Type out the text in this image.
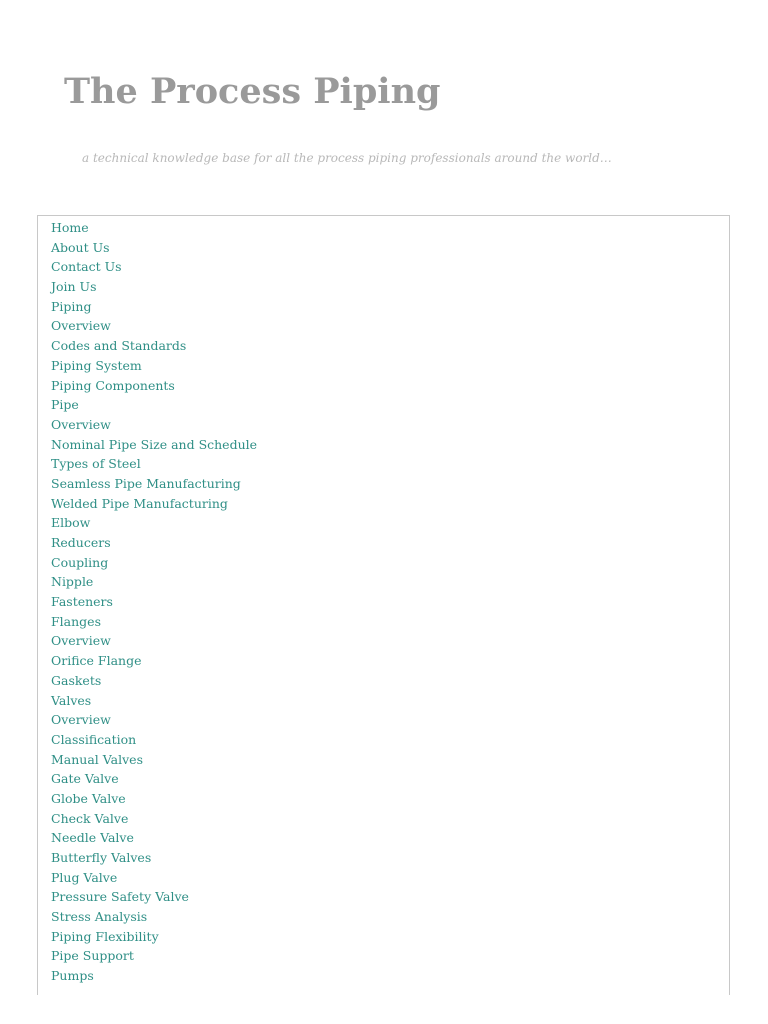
The Process Piping

a technical knowledge base for all the process piping professionals around the world…

Home
About Us
Contact Us
Join Us
Piping
Overview
Codes and Standards
Piping System
Piping Components
Pipe
Overview
Nominal Pipe Size and Schedule
Types of Steel
Seamless Pipe Manufacturing
Welded Pipe Manufacturing
Elbow
Reducers
Coupling
Nipple
Fasteners
Flanges
Overview
Orifice Flange
Gaskets
Valves
Overview
Classification
Manual Valves
Gate Valve
Globe Valve
Check Valve
Needle Valve
Butterfly Valves
Plug Valve
Pressure Safety Valve
Stress Analysis
Piping Flexibility
Pipe Support
Pumps
